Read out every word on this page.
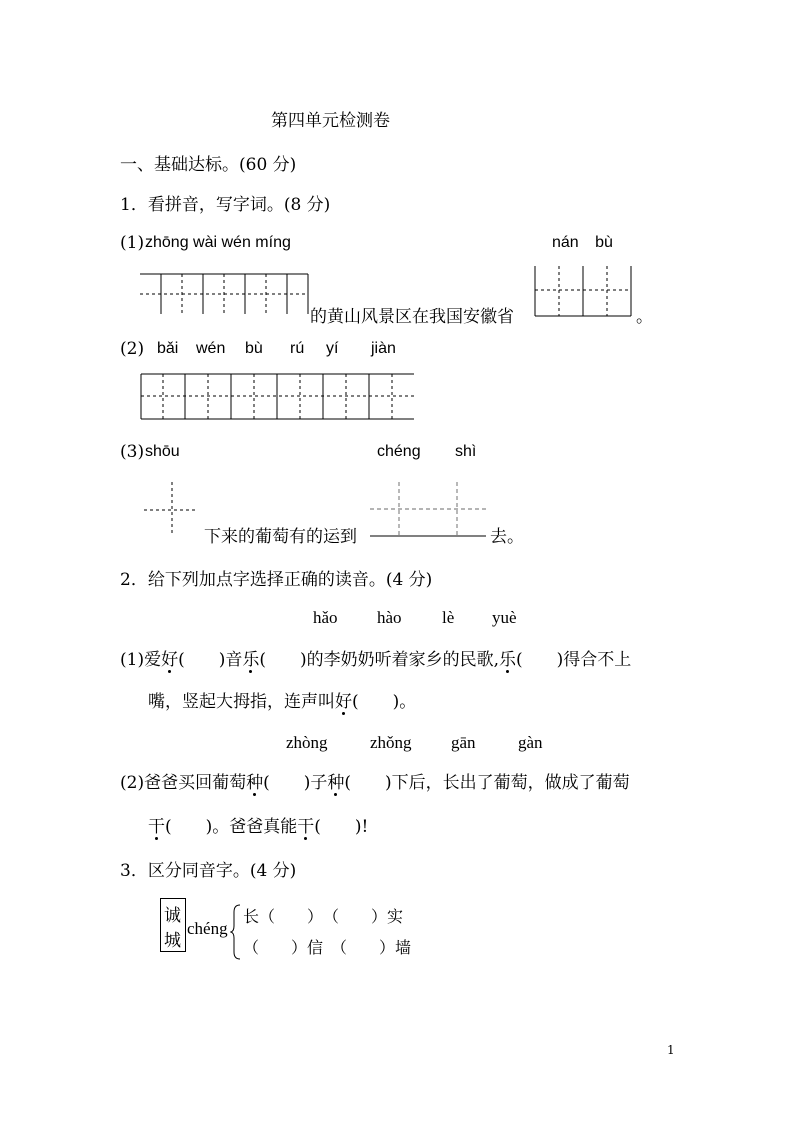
第四单元检测卷
一、基础达标。(60 分)
1．看拼音，写字词。(8 分)
(1) zhōng wài wén míng	nán bù
的黄山风景区在我国安徽省	。
(2) bǎi wén bù rú yí jiàn
(3) shōu	chéng shì
下来的葡萄有的运到	去。
2．给下列加点字选择正确的读音。(4 分)
hǎo hào lè yuè
(1)爱好(　　)音乐(　　)的李奶奶听着家乡的民歌,乐(　　)得合不上
嘴，竖起大拇指，连声叫好(　　)。
zhòng zhǒng gān gàn
(2)爸爸买回葡萄种(　　)子种(　　)下后，长出了葡萄，做成了葡萄
干(　　)。爸爸真能干(　　)!
3．区分同音字。(4 分)
诚
城
chéng
长（　　）　（　　）实
（　　）信　（　　）墙
1
